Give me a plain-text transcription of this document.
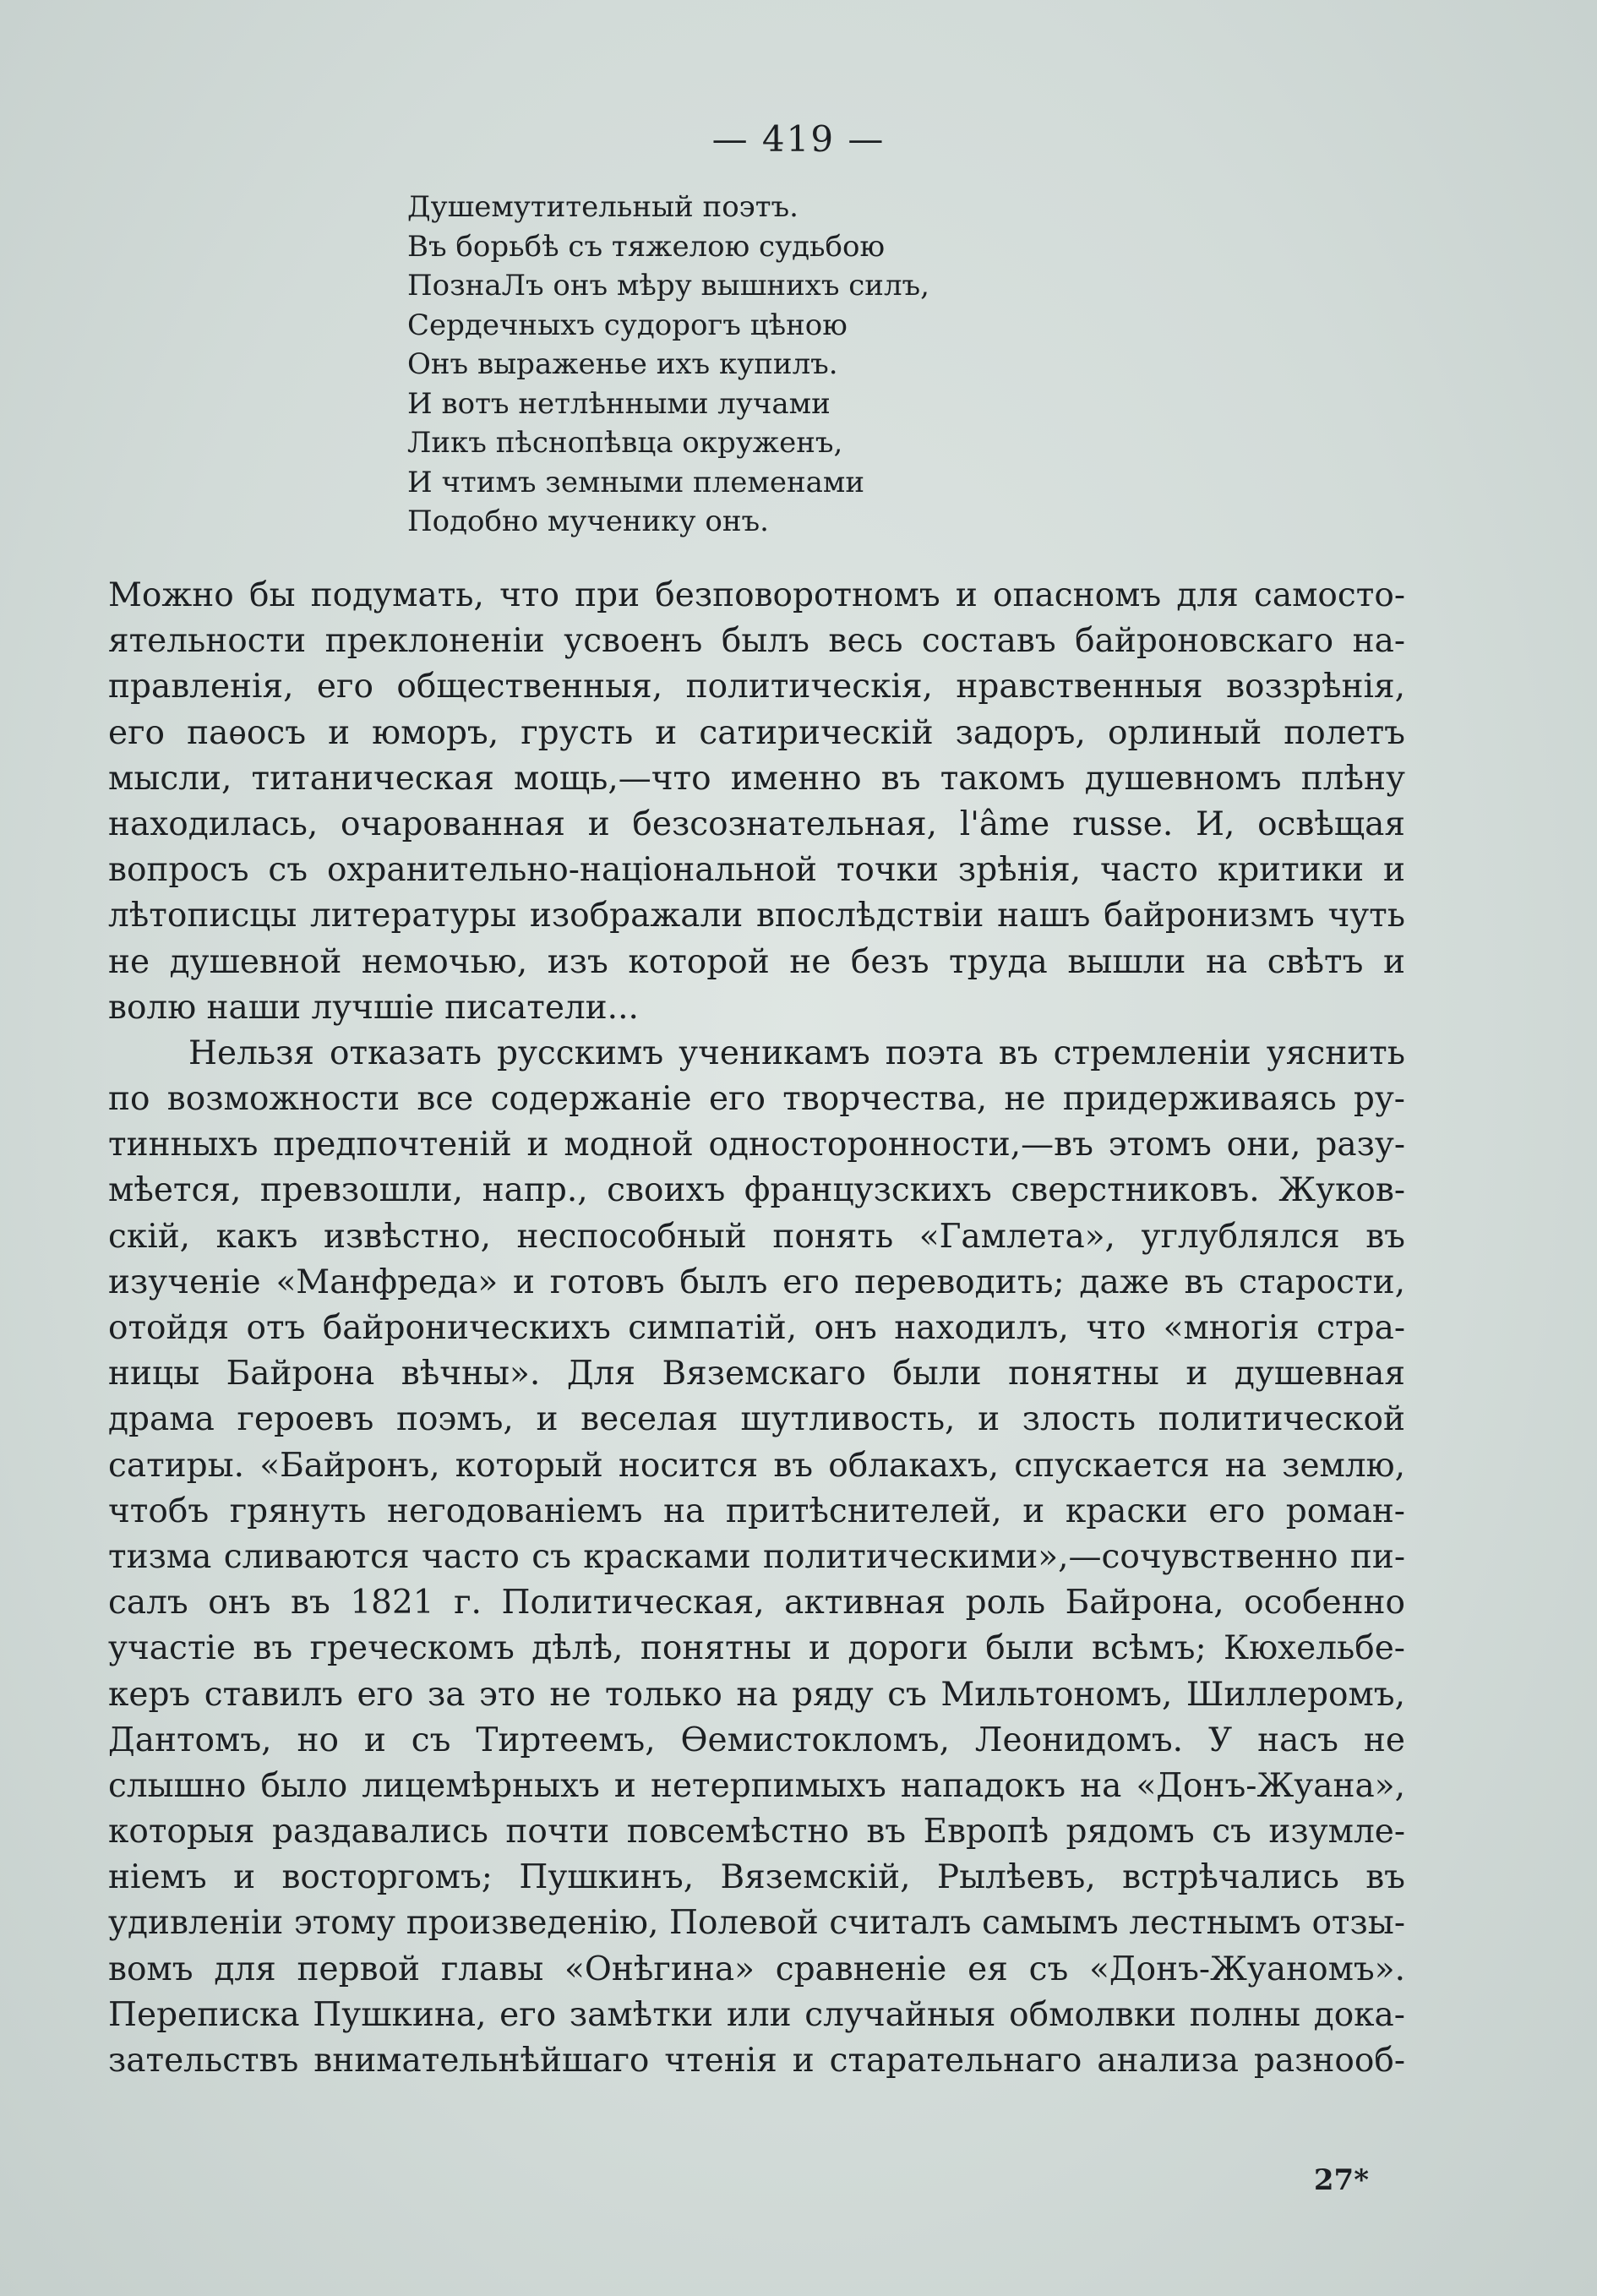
— 419 —
Душемутительный поэтъ.
Въ борьбѣ съ тяжелою судьбою
ПознаЛъ онъ мѣру вышнихъ силъ,
Сердечныхъ судорогъ цѣною
Онъ выраженье ихъ купилъ.
И вотъ нетлѣнными лучами
Ликъ пѣснопѣвца окруженъ,
И чтимъ земными племенами
Подобно мученику онъ.
Можно бы подумать, что при безповоротномъ и опасномъ для самосто-
ятельности преклоненіи усвоенъ былъ весь составъ байроновскаго на-
правленія, его общественныя, политическія, нравственныя воззрѣнія,
его паѳосъ и юморъ, грусть и сатирическій задоръ, орлиный полетъ
мысли, титаническая мощь,—что именно въ такомъ душевномъ плѣну
находилась, очарованная и безсознательная, l'âme russe. И, освѣщая
вопросъ съ охранительно-національной точки зрѣнія, часто критики и
лѣтописцы литературы изображали впослѣдствіи нашъ байронизмъ чуть
не душевной немочью, изъ которой не безъ труда вышли на свѣтъ и
волю наши лучшіе писатели...
Нельзя отказать русскимъ ученикамъ поэта въ стремленіи уяснить
по возможности все содержаніе его творчества, не придерживаясь ру-
тинныхъ предпочтеній и модной односторонности,—въ этомъ они, разу-
мѣется, превзошли, напр., своихъ французскихъ сверстниковъ. Жуков-
скій, какъ извѣстно, неспособный понять «Гамлета», углублялся въ
изученіе «Манфреда» и готовъ былъ его переводить; даже въ старости,
отойдя отъ байроническихъ симпатій, онъ находилъ, что «многія стра-
ницы Байрона вѣчны». Для Вяземскаго были понятны и душевная
драма героевъ поэмъ, и веселая шутливость, и злость политической
сатиры. «Байронъ, который носится въ облакахъ, спускается на землю,
чтобъ грянуть негодованіемъ на притѣснителей, и краски его роман-
тизма сливаются часто съ красками политическими»,—сочувственно пи-
салъ онъ въ 1821 г. Политическая, активная роль Байрона, особенно
участіе въ греческомъ дѣлѣ, понятны и дороги были всѣмъ; Кюхельбе-
керъ ставилъ его за это не только на ряду съ Мильтономъ, Шиллеромъ,
Дантомъ, но и съ Тиртеемъ, Ѳемистокломъ, Леонидомъ. У насъ не
слышно было лицемѣрныхъ и нетерпимыхъ нападокъ на «Донъ-Жуана»,
которыя раздавались почти повсемѣстно въ Европѣ рядомъ съ изумле-
ніемъ и восторгомъ; Пушкинъ, Вяземскій, Рылѣевъ, встрѣчались въ
удивленіи этому произведенію, Полевой считалъ самымъ лестнымъ отзы-
вомъ для первой главы «Онѣгина» сравненіе ея съ «Донъ-Жуаномъ».
Переписка Пушкина, его замѣтки или случайныя обмолвки полны дока-
зательствъ внимательнѣйшаго чтенія и старательнаго анализа разнооб-
27*
